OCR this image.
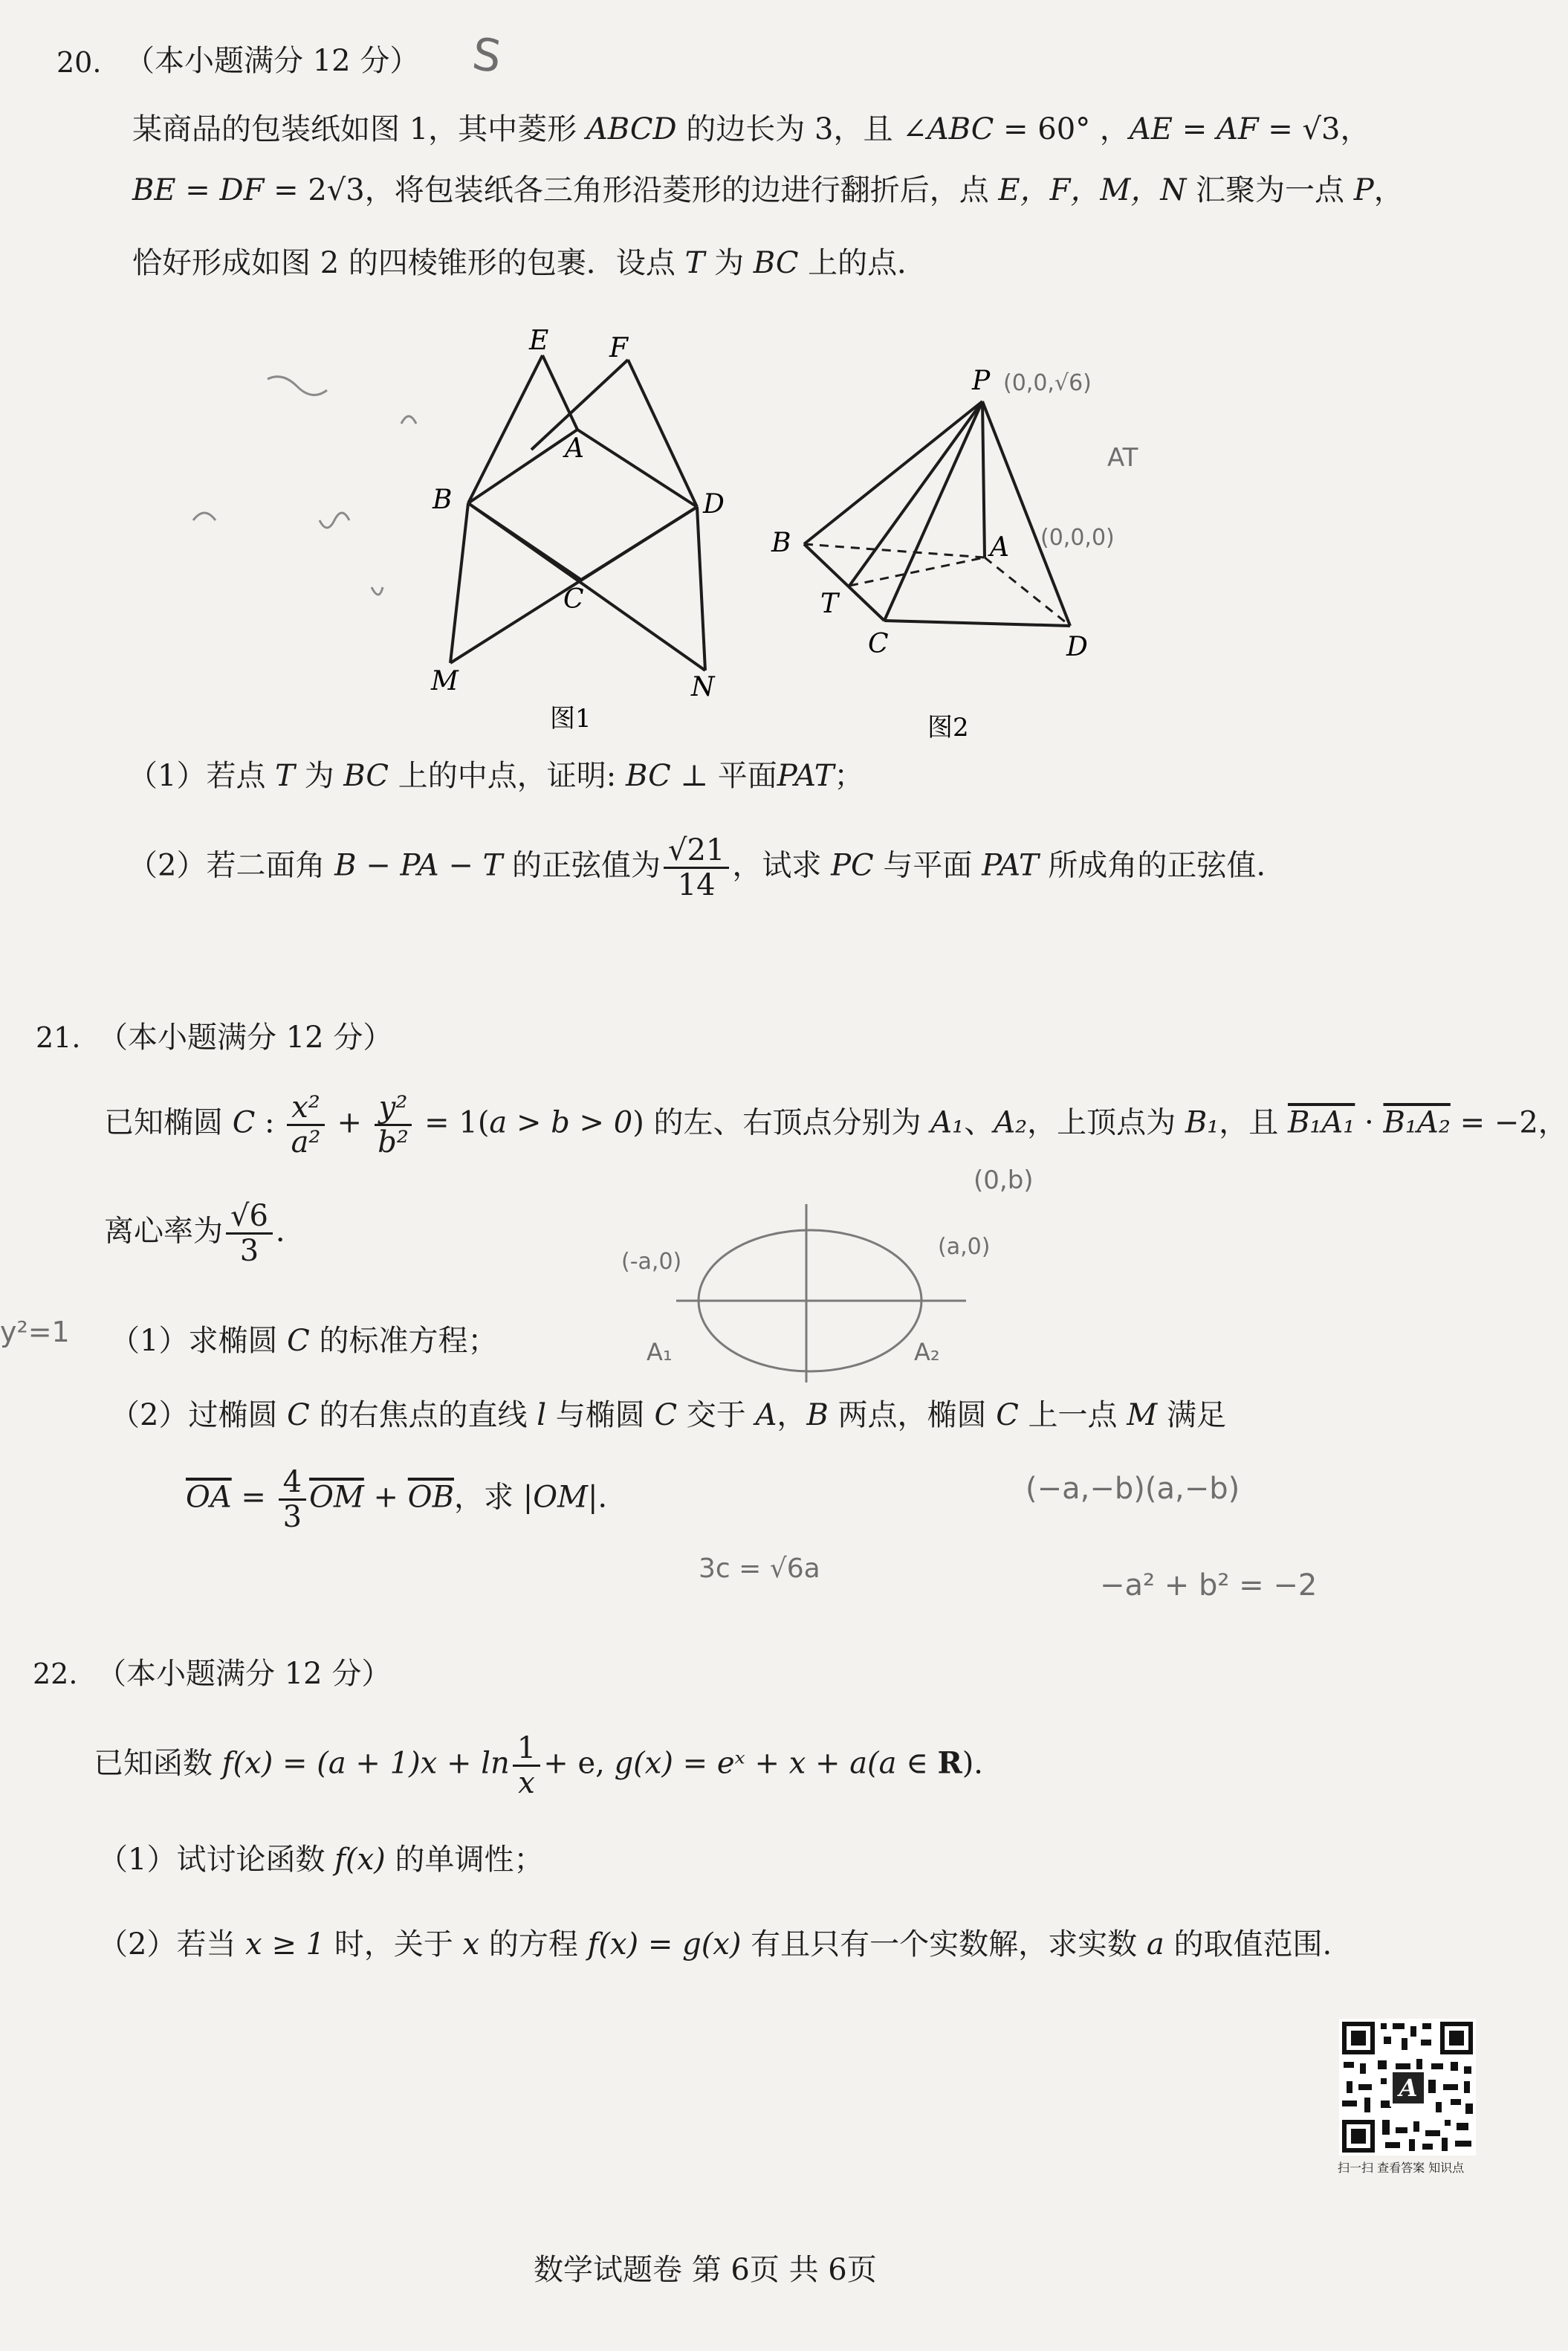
20. （本小题满分 12 分）
某商品的包装纸如图 1，其中菱形 ABCD 的边长为 3，且 ∠ABC = 60° ，AE = AF = √3，
BE = DF = 2√3，将包装纸各三角形沿菱形的边进行翻折后，点 E，F，M，N 汇聚为一点 P，
恰好形成如图 2 的四棱锥形的包裹．设点 T 为 BC 上的点．
E F
A
B	D
C
M	N
图1
P
B	A
T
C	D
图2
（1）若点 T 为 BC 上的中点，证明: BC ⊥ 平面PAT；
（2）若二面角 B − PA − T 的正弦值为 $\frac{√21}{14}$ ，试求 PC 与平面 PAT 所成角的正弦值.
21. （本小题满分 12 分）
已知椭圆 C : $\frac{\text{x²}}{\text{a²}} + \frac{\text{y²}}{\text{b²}} = 1(a > b > 0)$ 的左、右顶点分别为 A₁、A₂，上顶点为 B₁，且 B₁A₁ · B₁A₂ = −2，
离心率为 $\frac{√6}{3}$ ．
（1）求椭圆 C 的标准方程；
（2）过椭圆 C 的右焦点的直线 l 与椭圆 C 交于 A，B 两点，椭圆 C 上一点 M 满足
$\overline{OA} = \frac{4}{3} \overline{OM} + \overline{OB}$，求 |OM|.
22. （本小题满分 12 分）
已知函数 $f(x) = (a + 1)x + \ln \frac{1}{x} + e$, g(x) = eˣ + x + a(a ∈ R)．
（1）试讨论函数 f(x) 的单调性；
（2）若当 x ≥ 1 时，关于 x 的方程 f(x) = g(x) 有且只有一个实数解，求实数 a 的取值范围.
A
扫一扫 查看答案 知识点
数学试题卷 第 6页 共 6页
S
(0,0,√6)
AT
(0,0,0)
(-a,0)
(a,0)
(0,b)
A₁	A₂
(−a,−b)(a,−b)
−a² + b² = −2
3c = √6a
y²=1
